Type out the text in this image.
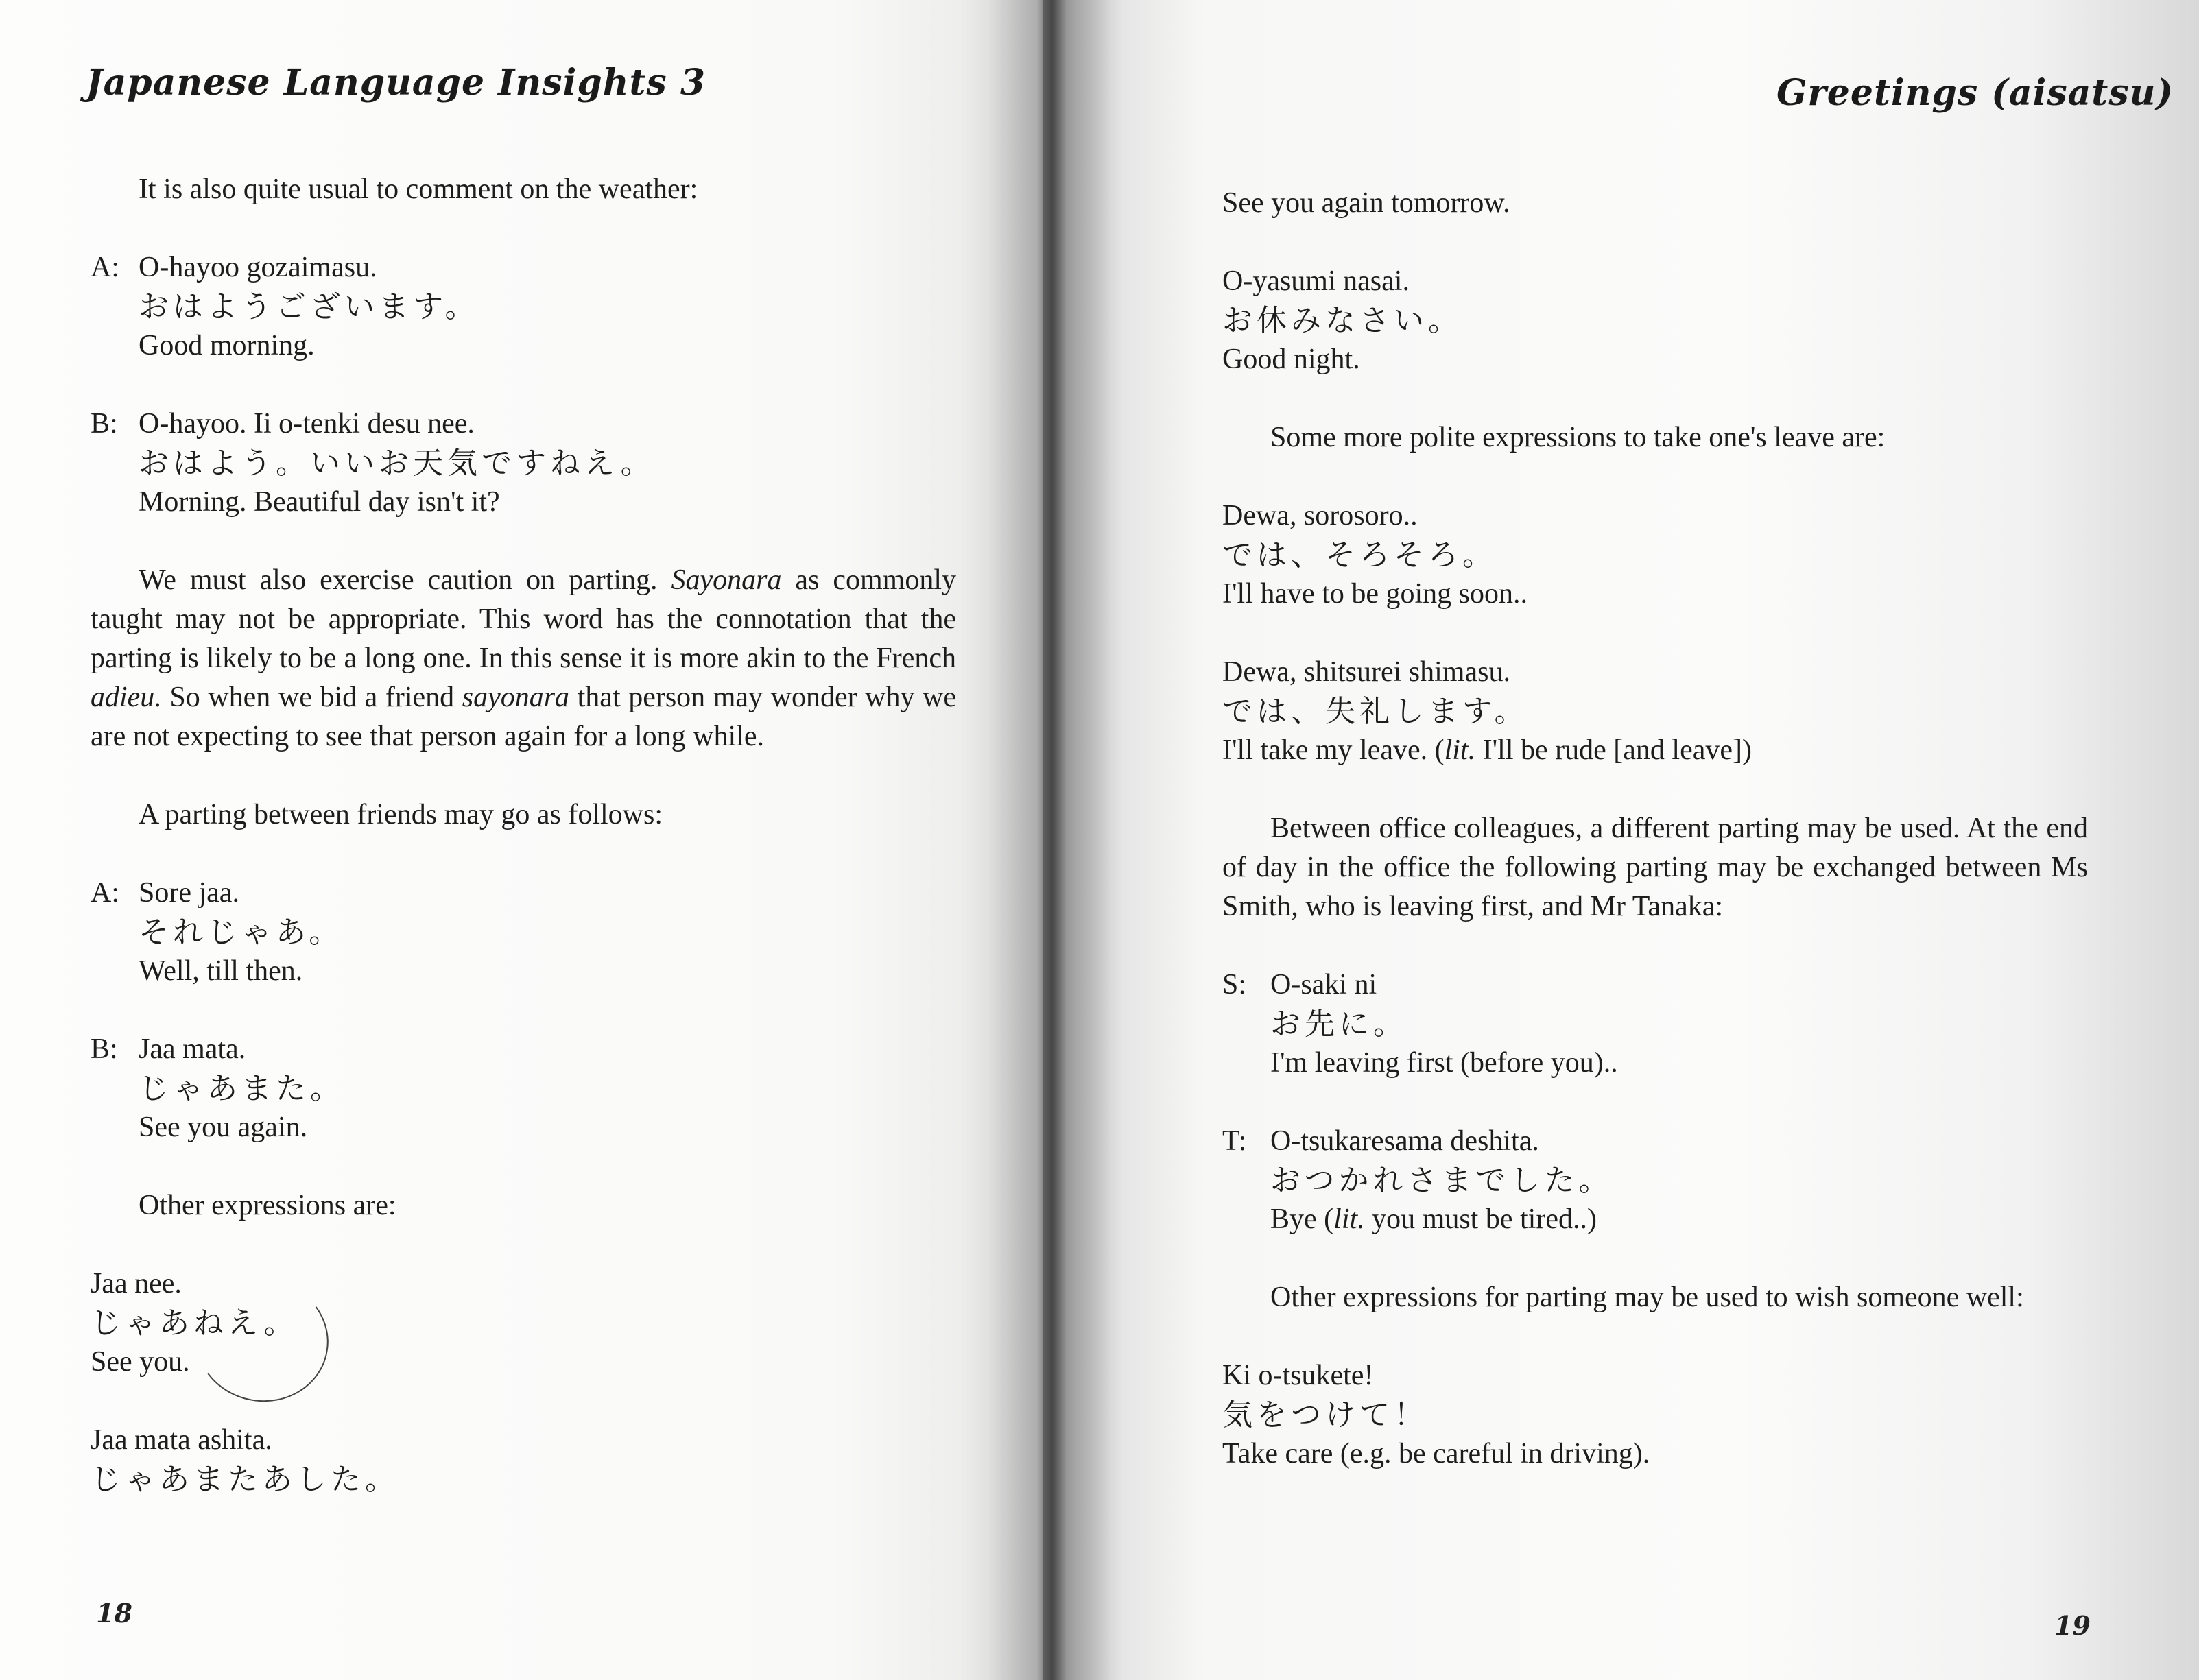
Japanese Language Insights 3	Greetings (aisatsu)

It is also quite usual to comment on the weather:

A: O-hayoo gozaimasu.
おはようございます。
Good morning.
B: O-hayoo. Ii o-tenki desu nee.
おはよう。いいお天気ですねえ。
Morning. Beautiful day isn't it?

We must also exercise caution on parting. Sayonara as commonly taught may not be appropriate. This word has the connotation that the parting is likely to be a long one. In this sense it is more akin to the French adieu. So when we bid a friend sayonara that person may wonder why we are not expecting to see that person again for a long while.

A parting between friends may go as follows:

A: Sore jaa.
それじゃあ。
Well, till then.
B: Jaa mata.
じゃあまた。
See you again.

Other expressions are:

Jaa nee.
じゃあねえ。
See you.
Jaa mata ashita.
じゃあまたあした。
See you again tomorrow.
O-yasumi nasai.
お休みなさい。
Good night.

Some more polite expressions to take one's leave are:

Dewa, sorosoro..
では、そろそろ。
I'll have to be going soon..
Dewa, shitsurei shimasu.
では、失礼します。
I'll take my leave. (lit. I'll be rude [and leave])

Between office colleagues, a different parting may be used. At the end of day in the office the following parting may be exchanged between Ms Smith, who is leaving first, and Mr Tanaka:

S: O-saki ni
お先に。
I'm leaving first (before you)..
T: O-tsukaresama deshita.
おつかれさまでした。
Bye (lit. you must be tired..)

Other expressions for parting may be used to wish someone well:

Ki o-tsukete!
気をつけて！
Take care (e.g. be careful in driving).
18	19
